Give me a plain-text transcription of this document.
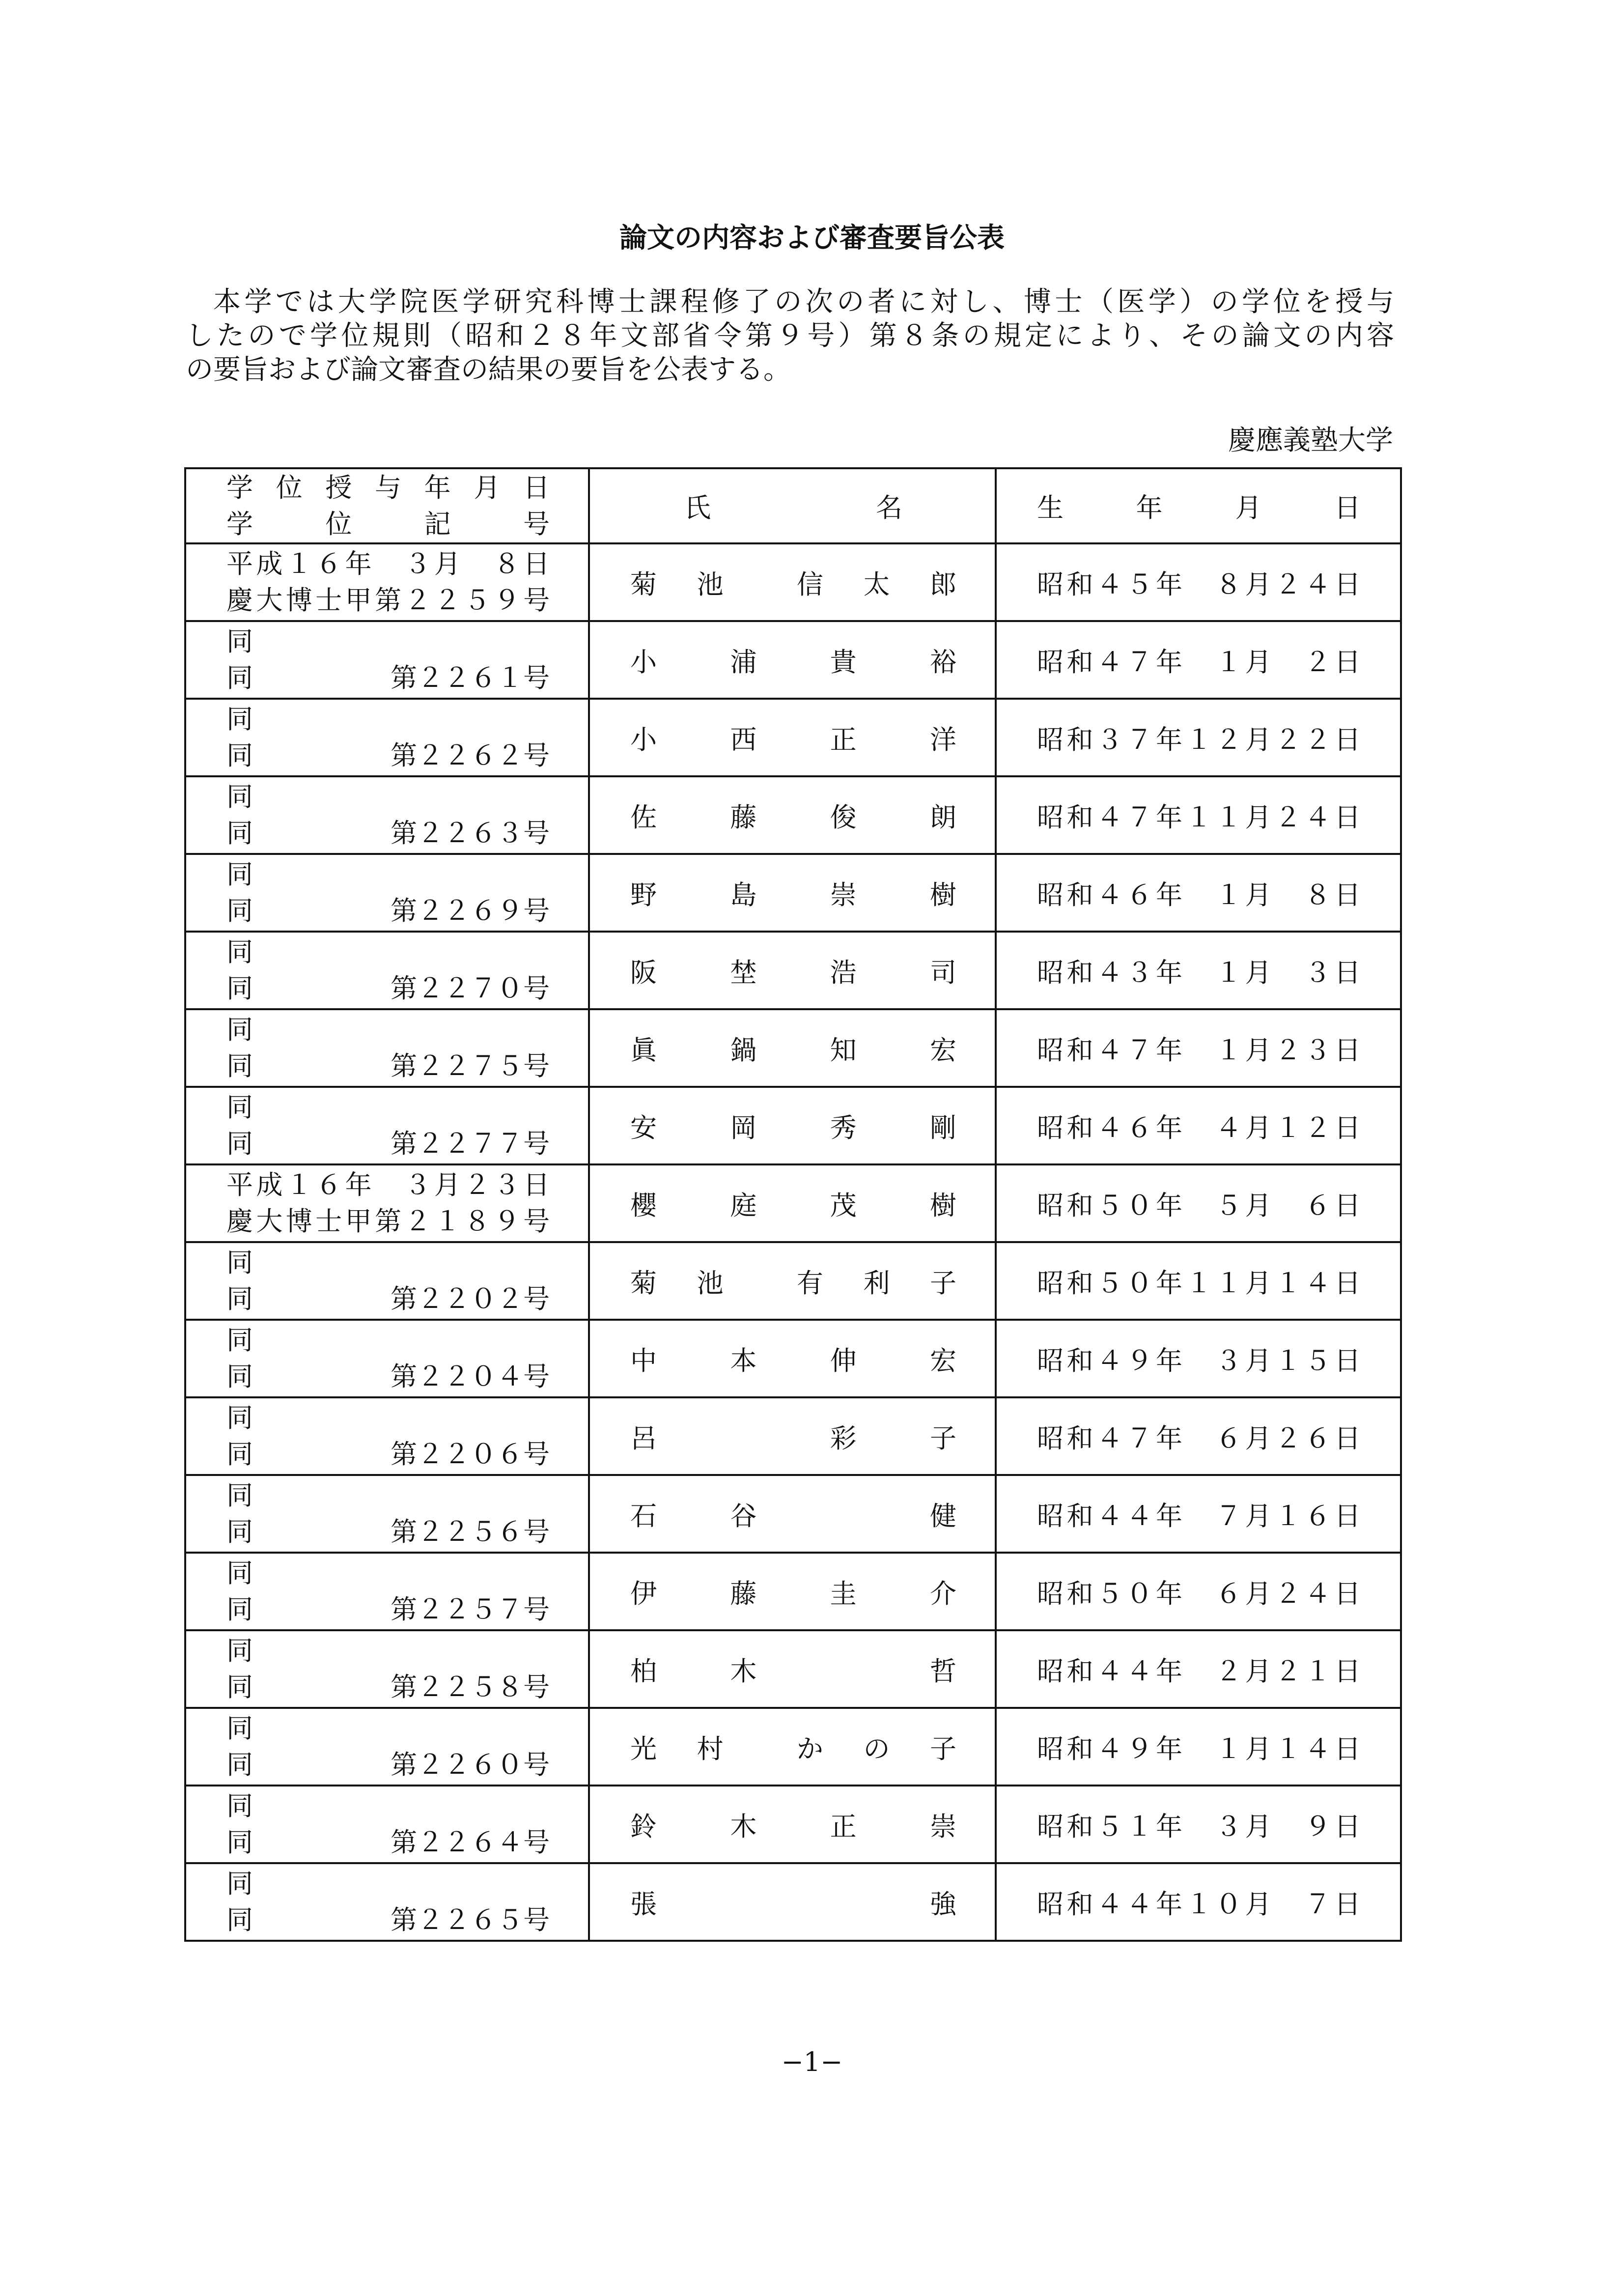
論文の内容および審査要旨公表
本学では大学院医学研究科博士課程修了の次の者に対し、博士（医学）の学位を授与
したので学位規則（昭和２８年文部省令第９号）第８条の規定により、その論文の内容
の要旨および論文審査の結果の要旨を公表する。
慶應義塾大学
学位授与年月日
学位記号	氏　　名	生　年　月　日

平成１６年　３月　８日
慶大博士甲第２２５９号	菊　池　　信　太　郎	昭和４５年　８月２４日

同
同 第２２６１号	小　浦　貴　裕	昭和４７年　１月　２日

同
同 第２２６２号	小　西　正　洋	昭和３７年１２月２２日

同
同 第２２６３号	佐　藤　俊　朗	昭和４７年１１月２４日

同
同 第２２６９号	野　島　崇　樹	昭和４６年　１月　８日

同
同 第２２７０号	阪　埜　浩　司	昭和４３年　１月　３日

同
同 第２２７５号	眞　鍋　知　宏	昭和４７年　１月２３日

同
同 第２２７７号	安　岡　秀　剛	昭和４６年　４月１２日

平成１６年　３月２３日
慶大博士甲第２１８９号	櫻　庭　茂　樹	昭和５０年　５月　６日

同
同 第２２０２号	菊　池　　有　利　子	昭和５０年１１月１４日

同
同 第２２０４号	中　本　伸　宏	昭和４９年　３月１５日

同
同 第２２０６号	呂　　　彩　子	昭和４７年　６月２６日

同
同 第２２５６号	石　谷　　　健	昭和４４年　７月１６日

同
同 第２２５７号	伊　藤　圭　介	昭和５０年　６月２４日

同
同 第２２５８号	柏　木　　　哲	昭和４４年　２月２１日

同
同 第２２６０号	光　村　　か　の　子	昭和４９年　１月１４日

同
同 第２２６４号	鈴　木　正　崇	昭和５１年　３月　９日

同
同 第２２６５号	張　　　　　強	昭和４４年１０月　７日
−1−
